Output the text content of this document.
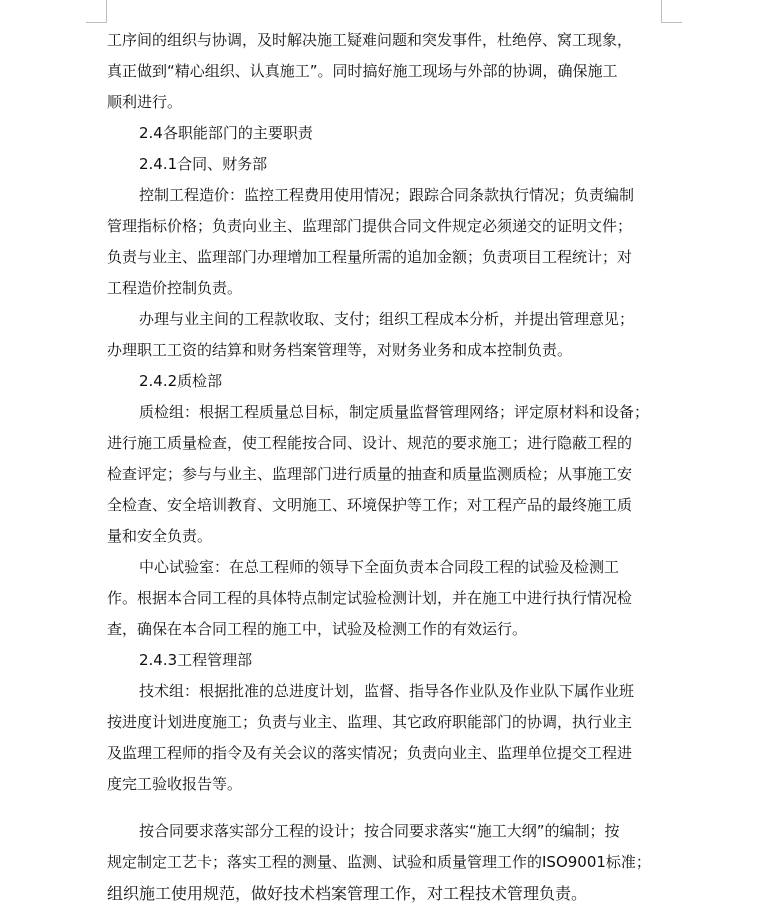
工序间的组织与协调，及时解决施工疑难问题和突发事件，杜绝停、窝工现象，
真正做到“精心组织、认真施工”。同时搞好施工现场与外部的协调，确保施工
顺利进行。
2.4各职能部门的主要职责
2.4.1合同、财务部
控制工程造价：监控工程费用使用情况；跟踪合同条款执行情况；负责编制
管理指标价格；负责向业主、监理部门提供合同文件规定必须递交的证明文件；
负责与业主、监理部门办理增加工程量所需的追加金额；负责项目工程统计；对
工程造价控制负责。
办理与业主间的工程款收取、支付；组织工程成本分析，并提出管理意见；
办理职工工资的结算和财务档案管理等，对财务业务和成本控制负责。
2.4.2质检部
质检组：根据工程质量总目标，制定质量监督管理网络；评定原材料和设备；
进行施工质量检查，使工程能按合同、设计、规范的要求施工；进行隐蔽工程的
检查评定；参与与业主、监理部门进行质量的抽查和质量监测质检；从事施工安
全检查、安全培训教育、文明施工、环境保护等工作；对工程产品的最终施工质
量和安全负责。
中心试验室：在总工程师的领导下全面负责本合同段工程的试验及检测工
作。根据本合同工程的具体特点制定试验检测计划，并在施工中进行执行情况检
查，确保在本合同工程的施工中，试验及检测工作的有效运行。
2.4.3工程管理部
技术组：根据批准的总进度计划，监督、指导各作业队及作业队下属作业班
按进度计划进度施工；负责与业主、监理、其它政府职能部门的协调，执行业主
及监理工程师的指令及有关会议的落实情况；负责向业主、监理单位提交工程进
度完工验收报告等。
按合同要求落实部分工程的设计；按合同要求落实“施工大纲”的编制；按
规定制定工艺卡；落实工程的测量、监测、试验和质量管理工作的ISO9001标准；
组织施工使用规范，做好技术档案管理工作，对工程技术管理负责。
